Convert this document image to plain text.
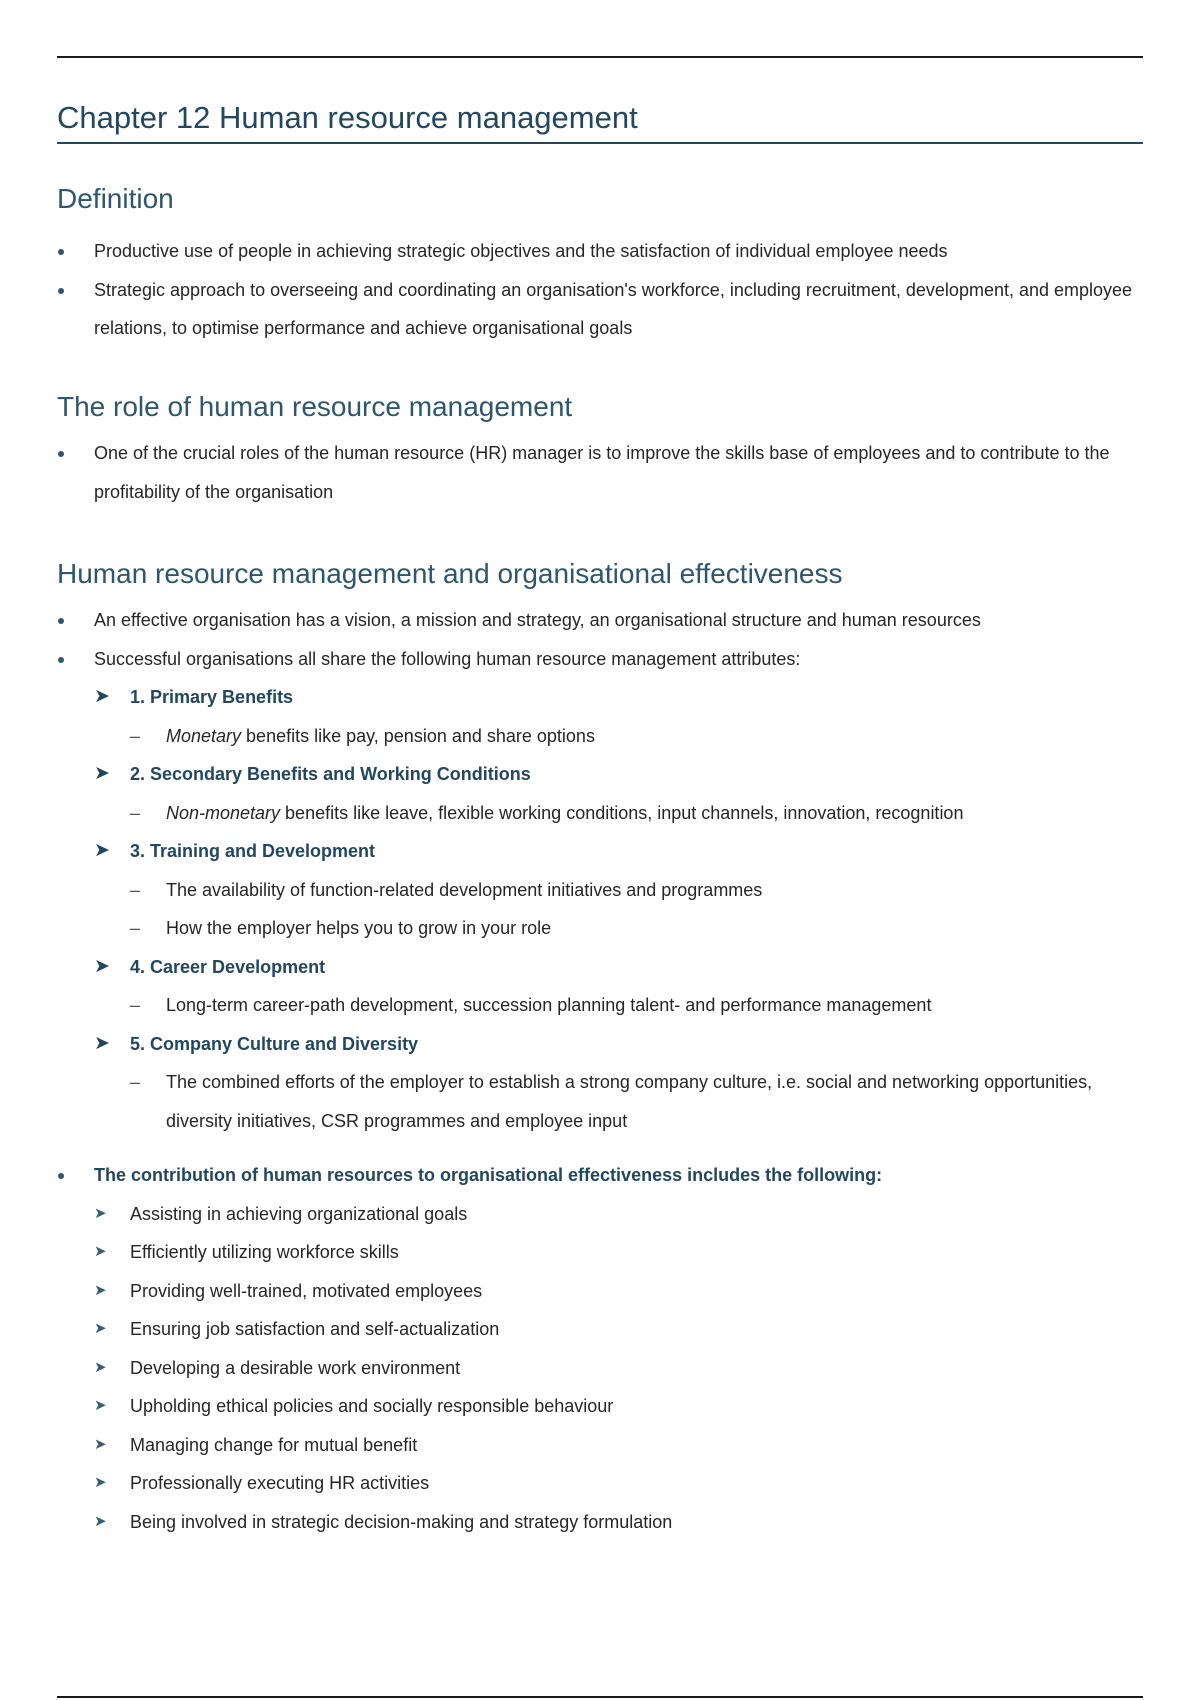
Chapter 12 Human resource management
Definition
Productive use of people in achieving strategic objectives and the satisfaction of individual employee needs
Strategic approach to overseeing and coordinating an organisation's workforce, including recruitment, development, and employee relations, to optimise performance and achieve organisational goals
The role of human resource management
One of the crucial roles of the human resource (HR) manager is to improve the skills base of employees and to contribute to the profitability of the organisation
Human resource management and organisational effectiveness
An effective organisation has a vision, a mission and strategy, an organisational structure and human resources
Successful organisations all share the following human resource management attributes:
➤ 1. Primary Benefits
–	Monetary benefits like pay, pension and share options
➤ 2. Secondary Benefits and Working Conditions
–	Non-monetary benefits like leave, flexible working conditions, input channels, innovation, recognition
➤ 3. Training and Development
–	The availability of function-related development initiatives and programmes
–	How the employer helps you to grow in your role
➤ 4. Career Development
–	Long-term career-path development, succession planning talent- and performance management
➤ 5. Company Culture and Diversity
–	The combined efforts of the employer to establish a strong company culture, i.e. social and networking opportunities, diversity initiatives, CSR programmes and employee input
The contribution of human resources to organisational effectiveness includes the following:
➤	Assisting in achieving organizational goals
➤	Efficiently utilizing workforce skills
➤	Providing well-trained, motivated employees
➤	Ensuring job satisfaction and self-actualization
➤	Developing a desirable work environment
➤	Upholding ethical policies and socially responsible behaviour
➤	Managing change for mutual benefit
➤	Professionally executing HR activities
➤	Being involved in strategic decision-making and strategy formulation
